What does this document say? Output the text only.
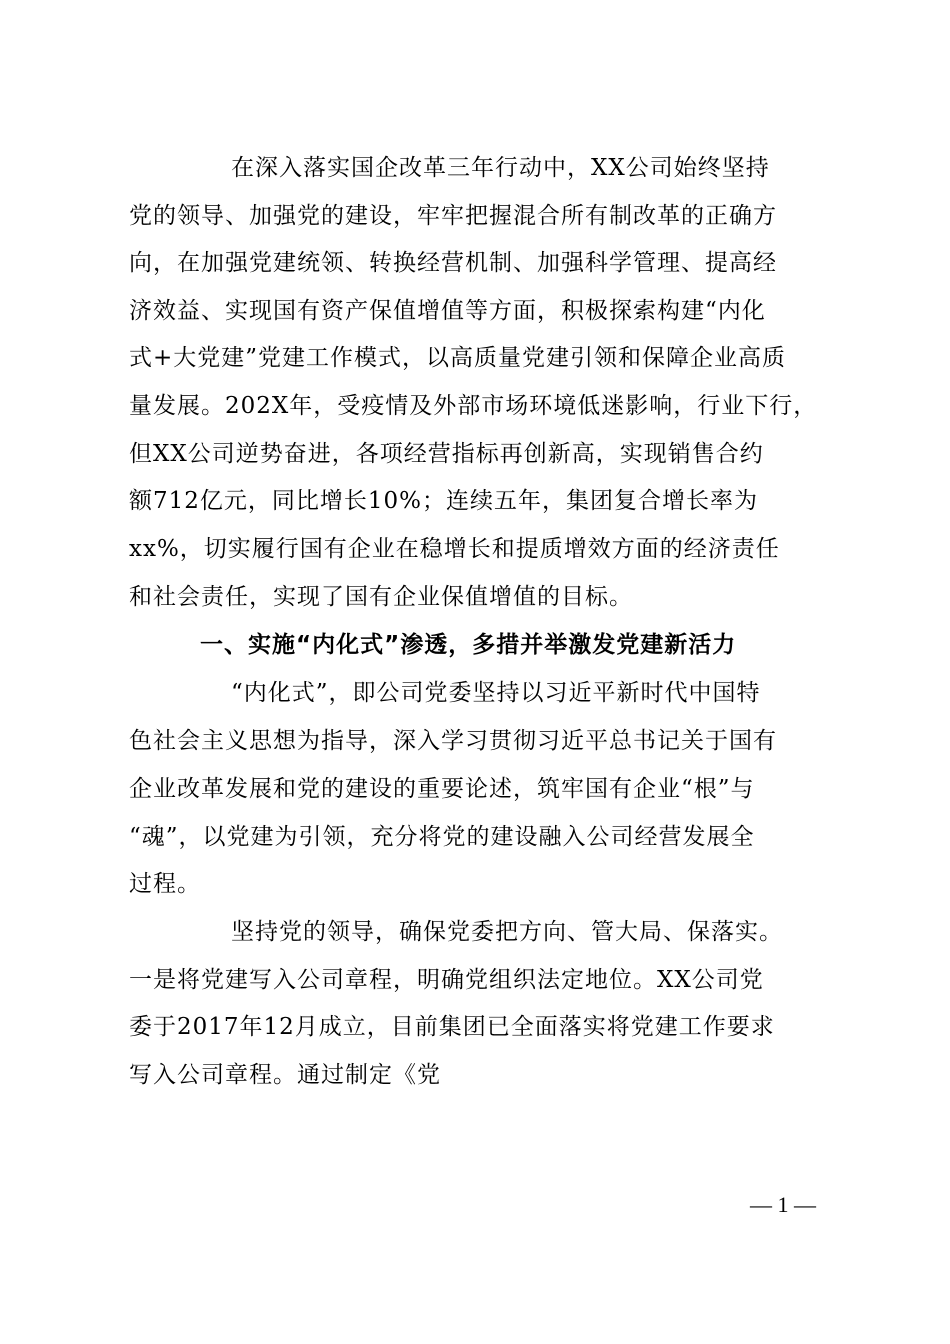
在深入落实国企改革三年行动中，XX公司始终坚持
党的领导、加强党的建设，牢牢把握混合所有制改革的正确方
向，在加强党建统领、转换经营机制、加强科学管理、提高经
济效益、实现国有资产保值增值等方面，积极探索构建“内化
式+大党建”党建工作模式，以高质量党建引领和保障企业高质
量发展。202X年，受疫情及外部市场环境低迷影响，行业下行，
但XX公司逆势奋进，各项经营指标再创新高，实现销售合约
额712亿元，同比增长10%；连续五年，集团复合增长率为
xx%，切实履行国有企业在稳增长和提质增效方面的经济责任
和社会责任，实现了国有企业保值增值的目标。
一、实施“内化式”渗透，多措并举激发党建新活力
“内化式”，即公司党委坚持以习近平新时代中国特
色社会主义思想为指导，深入学习贯彻习近平总书记关于国有
企业改革发展和党的建设的重要论述，筑牢国有企业“根”与
“魂”，以党建为引领，充分将党的建设融入公司经营发展全
过程。
坚持党的领导，确保党委把方向、管大局、保落实。
一是将党建写入公司章程，明确党组织法定地位。XX公司党
委于2017年12月成立，目前集团已全面落实将党建工作要求
写入公司章程。通过制定《党
— 1 —
